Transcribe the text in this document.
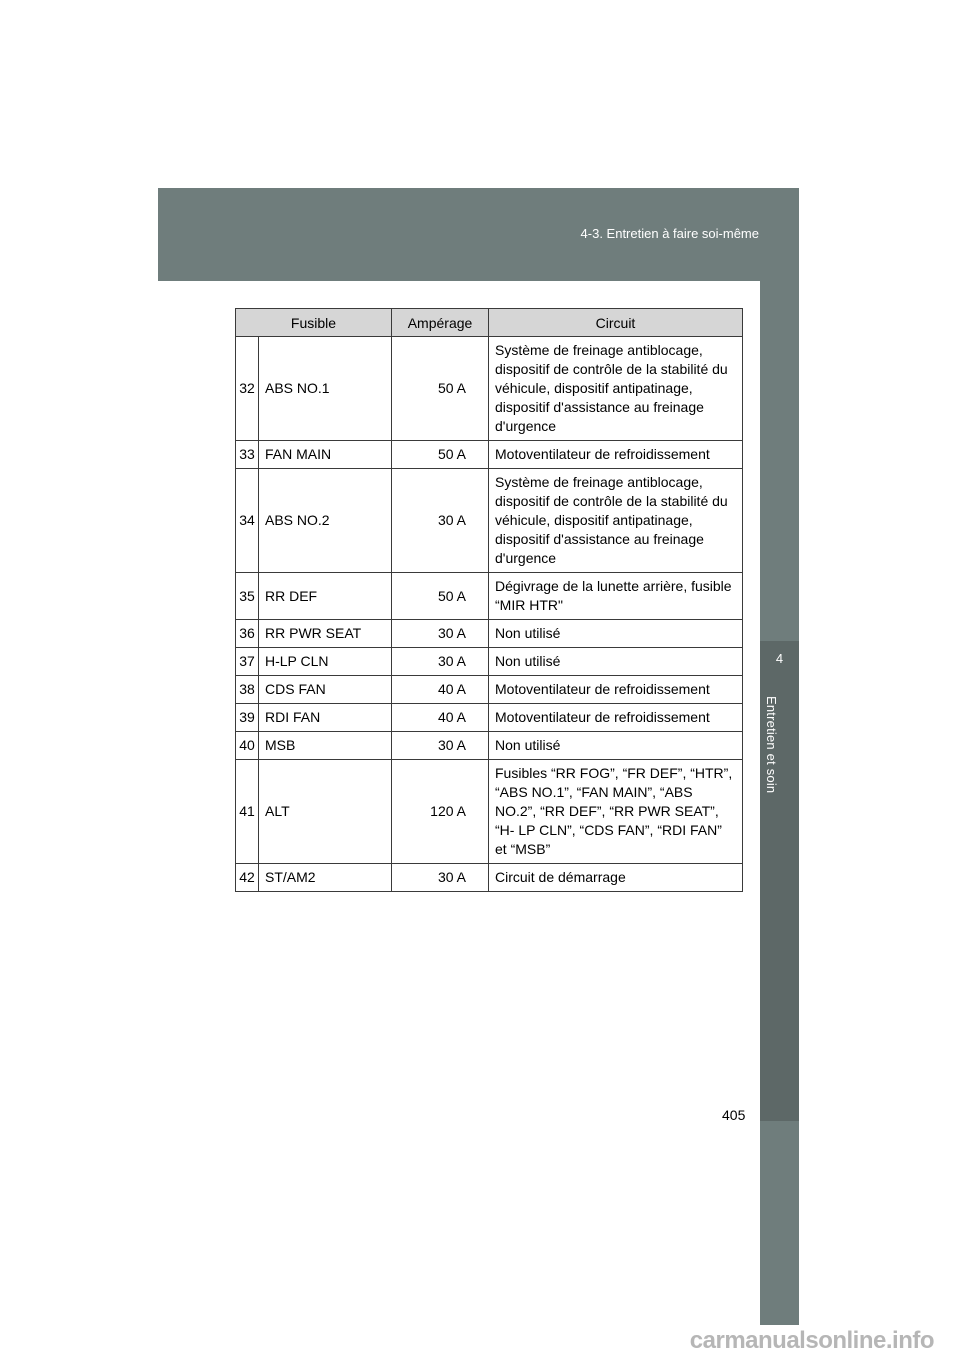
4-3. Entretien à faire soi-même
4
Entretien et soin
Fusible		Ampérage	Circuit
32	ABS NO.1	50 A	Système de freinage antiblocage, dispositif de contrôle de la stabilité du véhicule, dispositif antipatinage, dispositif d'assistance au freinage d'urgence
33	FAN MAIN	50 A	Motoventilateur de refroidissement
34	ABS NO.2	30 A	Système de freinage antiblocage, dispositif de contrôle de la stabilité du véhicule, dispositif antipatinage, dispositif d'assistance au freinage d'urgence
35	RR DEF	50 A	Dégivrage de la lunette arrière, fusible “MIR HTR"
36	RR PWR SEAT	30 A	Non utilisé
37	H-LP CLN	30 A	Non utilisé
38	CDS FAN	40 A	Motoventilateur de refroidissement
39	RDI FAN	40 A	Motoventilateur de refroidissement
40	MSB	30 A	Non utilisé
41	ALT	120 A	Fusibles “RR FOG”, “FR DEF”, “HTR”, “ABS NO.1”, “FAN MAIN”, “ABS NO.2”, “RR DEF”, “RR PWR SEAT”, “H- LP CLN”, “CDS FAN”, “RDI FAN” et “MSB”
42	ST/AM2	30 A	Circuit de démarrage
405
carmanualsonline.info
